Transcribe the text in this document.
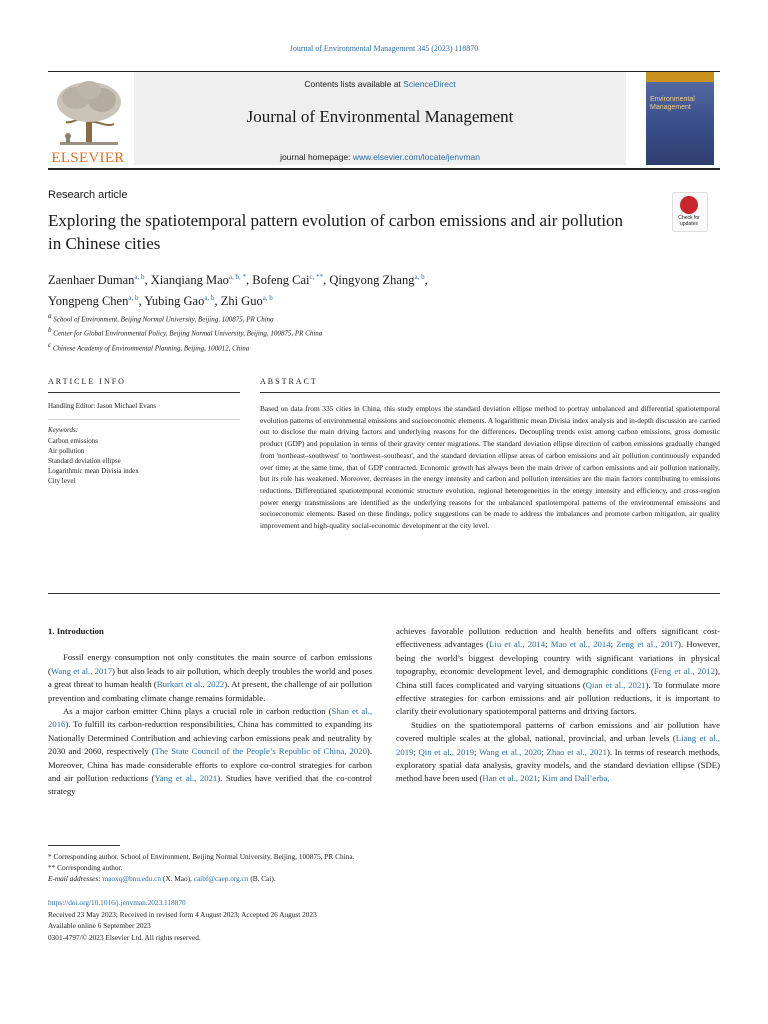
Journal of Environmental Management 345 (2023) 118870
ELSEVIER
Contents lists available at ScienceDirect
Journal of Environmental Management
journal homepage: www.elsevier.com/locate/jenvman
Environmental Management
Research article
Exploring the spatiotemporal pattern evolution of carbon emissions and air pollution in Chinese cities
Check for updates
Zaenhaer Duman$^{a, b}$, Xianqiang Mao$^{a, b, *}$, Bofeng Cai$^{c, **}$, Qingyong Zhang$^{a, b}$,
Yongpeng Chen$^{a, b}$, Yubing Gao$^{a, b}$, Zhi Guo$^{a, b}$
$^a$ School of Environment, Beijing Normal University, Beijing, 100875, PR China
$^b$ Center for Global Environmental Policy, Beijing Normal University, Beijing, 100875, PR China
$^c$ Chinese Academy of Environmental Planning, Beijing, 100012, China
ARTICLE INFO	ABSTRACT
Handling Editor: Jason Michael Evans
Keywords:
Carbon emissions
Air pollution
Standard deviation ellipse
Logarithmic mean Divisia index
City level
Based on data from 335 cities in China, this study employs the standard deviation ellipse method to portray unbalanced and differential spatiotemporal evolution patterns of environmental emissions and socioeconomic elements. A logarithmic mean Divisia index analysis and in-depth discussion are carried out to disclose the main driving factors and underlying reasons for the differences. Decoupling trends exist among carbon emissions, gross domestic product (GDP) and population in terms of their gravity center migrations. The standard deviation ellipse direction of carbon emissions gradually changed from 'northeast–southwest' to 'northwest–southeast', and the standard deviation ellipse areas of carbon emissions and air pollution continuously expanded over time; at the same time, that of GDP contracted. Economic growth has always been the main driver of carbon emissions and air pollution nationally, but its role has weakened. Moreover, decreases in the energy intensity and carbon and pollution intensities are the main factors contributing to emissions reductions. Differentiated spatiotemporal economic structure evolution, regional heterogeneities in the energy intensity and efficiency, and cross-region power energy transmissions are identified as the underlying reasons for the unbalanced spatiotemporal patterns of the environmental emissions and socioeconomic elements. Based on these findings, policy suggestions can be made to address the imbalances and promote carbon mitigation, air quality improvement and high-quality social-economic development at the city level.
1. Introduction

Fossil energy consumption not only constitutes the main source of carbon emissions (Wang et al., 2017) but also leads to air pollution, which deeply troubles the world and poses a great threat to human health (Burkart et al., 2022). At present, the challenge of air pollution prevention and combating climate change remains formidable.

As a major carbon emitter China plays a crucial role in carbon reduction (Shan et al., 2016). To fulfill its carbon-reduction responsibilities, China has committed to expanding its Nationally Determined Contribution and achieving carbon emissions peak and neutrality by 2030 and 2060, respectively (The State Council of the People’s Republic of China, 2020). Moreover, China has made considerable efforts to explore co-control strategies for carbon and air pollution reductions (Yang et al., 2021). Studies have verified that the co-control strategy

achieves favorable pollution reduction and health benefits and offers significant cost-effectiveness advantages (Liu et al., 2014; Mao et al., 2014; Zeng et al., 2017). However, being the world’s biggest developing country with significant variations in physical topography, economic development level, and demographic conditions (Feng et al., 2012), China still faces complicated and varying situations (Qian et al., 2021). To formulate more effective strategies for carbon emissions and air pollution reductions, it is important to clarify their evolutionary spatiotemporal patterns and driving factors.

Studies on the spatiotemporal patterns of carbon emissions and air pollution have covered multiple scales at the global, national, provincial, and urban levels (Liang et al., 2019; Qin et al., 2019; Wang et al., 2020; Zhao et al., 2021). In terms of research methods, exploratory spatial data analysis, gravity models, and the standard deviation ellipse (SDE) method have been used (Han et al., 2021; Kim and Dall’erba,

* Corresponding author. School of Environment, Beijing Normal University, Beijing, 100875, PR China.
** Corresponding author.
E-mail addresses: maoxq@bnu.edu.cn (X. Mao), caibf@caep.org.cn (B. Cai).
https://doi.org/10.1016/j.jenvman.2023.118870
Received 23 May 2023; Received in revised form 4 August 2023; Accepted 26 August 2023
Available online 6 September 2023
0301-4797/© 2023 Elsevier Ltd. All rights reserved.
